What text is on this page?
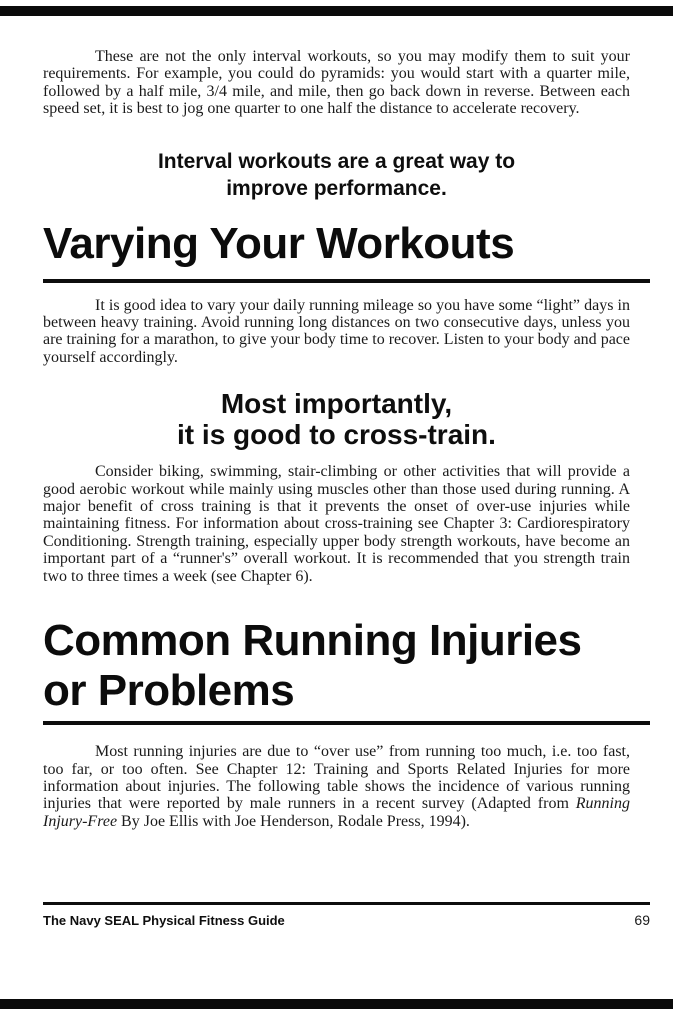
These are not the only interval workouts, so you may modify them to suit your requirements. For example, you could do pyramids: you would start with a quarter mile, followed by a half mile, 3/4 mile, and mile, then go back down in reverse. Between each speed set, it is best to jog one quarter to one half the distance to accelerate recovery.

Interval workouts are a great way to
improve performance.
Varying Your Workouts

It is good idea to vary your daily running mileage so you have some “light” days in between heavy training. Avoid running long distances on two consecutive days, unless you are training for a marathon, to give your body time to recover. Listen to your body and pace yourself accordingly.

Most importantly,
it is good to cross-train.

Consider biking, swimming, stair-climbing or other activities that will provide a good aerobic workout while mainly using muscles other than those used during running. A major benefit of cross training is that it prevents the onset of over-use injuries while maintaining fitness. For information about cross-training see Chapter 3: Cardiorespiratory Conditioning. Strength training, especially upper body strength workouts, have become an important part of a “runner's” overall workout. It is recommended that you strength train two to three times a week (see Chapter 6).

Common Running Injuries
or Problems

Most running injuries are due to “over use” from running too much, i.e. too fast, too far, or too often. See Chapter 12: Training and Sports Related Injuries for more information about injuries. The following table shows the incidence of various running injuries that were reported by male runners in a recent survey (Adapted from Running Injury-Free By Joe Ellis with Joe Henderson, Rodale Press, 1994).

The Navy SEAL Physical Fitness Guide	69
